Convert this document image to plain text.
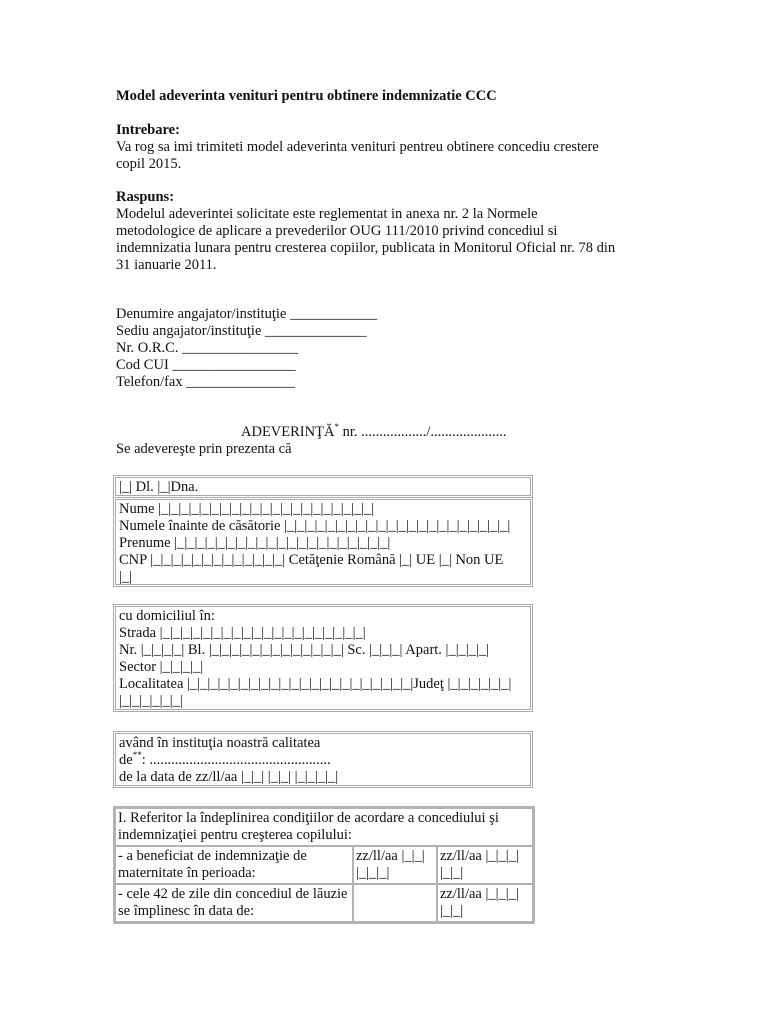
Model adeverinta venituri pentru obtinere indemnizatie CCC
Intrebare:
Va rog sa imi trimiteti model adeverinta venituri pentreu obtinere concediu crestere
copil 2015.
Raspuns:
Modelul adeverintei solicitate este reglementat in anexa nr. 2 la Normele
metodologice de aplicare a prevederilor OUG 111/2010 privind concediul si
indemnizatia lunara pentru cresterea copiilor, publicata in Monitorul Oficial nr. 78 din
31 ianuarie 2011.
Denumire angajator/instituţie ____________
Sediu angajator/instituţie ______________
Nr. O.R.C. ________________
Cod CUI _________________
Telefon/fax _______________
ADEVERINŢĂ* nr. ................../.....................
Se adevereşte prin prezenta că
|_| Dl. |_|Dna.
Nume |_|_|_|_|_|_|_|_|_|_|_|_|_|_|_|_|_|_|_|_|_|
Numele înainte de căsătorie |_|_|_|_|_|_|_|_|_|_|_|_|_|_|_|_|_|_|_|_|_|_|
Prenume |_|_|_|_|_|_|_|_|_|_|_|_|_|_|_|_|_|_|_|_|_|
CNP |_|_|_|_|_|_|_|_|_|_|_|_|_| Cetăţenie Română |_| UE |_| Non UE
|_|
cu domiciliul în:
Strada |_|_|_|_|_|_|_|_|_|_|_|_|_|_|_|_|_|_|_|_|
Nr. |_|_|_|_| Bl. |_|_|_|_|_|_|_|_|_|_|_|_|_| Sc. |_|_|_| Apart. |_|_|_|_|
Sector |_|_|_|_|
Localitatea |_|_|_|_|_|_|_|_|_|_|_|_|_|_|_|_|_|_|_|_|_|_|Judeţ |_|_|_|_|_|_|
|_|_|_|_|_|_|
având în instituţia noastră calitatea
de**: ..................................................
de la data de zz/ll/aa |_|_| |_|_| |_|_|_|_|
I. Referitor la îndeplinirea condiţiilor de acordare a concediului şi indemnizaţiei pentru creşterea copilului:		
- a beneficiat de indemnizaţie de maternitate în perioada:	zz/ll/aa |_|_| |_|_|_|	zz/ll/aa |_|_|_| |_|_|
- cele 42 de zile din concediul de lăuzie se împlinesc în data de:		zz/ll/aa |_|_|_| |_|_|
